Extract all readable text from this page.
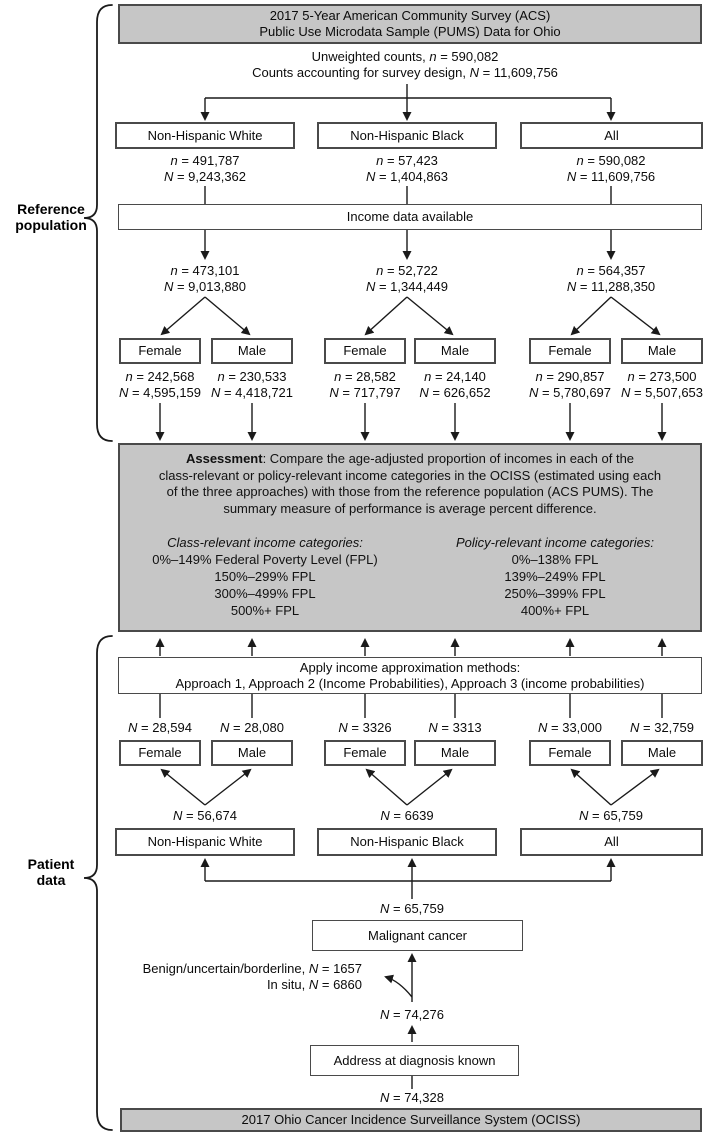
Reference
population
Patient
data
2017 5-Year American Community Survey (ACS)
Public Use Microdata Sample (PUMS) Data for Ohio
Unweighted counts, n = 590,082
Counts accounting for survey design, N = 11,609,756
Non-Hispanic White	Non-Hispanic Black	All
n = 491,787
N = 9,243,362
n = 57,423
N = 1,404,863
n = 590,082
N = 11,609,756
Income data available
n = 473,101
N = 9,013,880
n = 52,722
N = 1,344,449
n = 564,357
N = 11,288,350
Female	Male	Female	Male	Female	Male
n = 242,568
N = 4,595,159
n = 230,533
N = 4,418,721
n = 28,582
N = 717,797
n = 24,140
N = 626,652
n = 290,857
N = 5,780,697
n = 273,500
N = 5,507,653
Assessment: Compare the age-adjusted proportion of incomes in each of the
class-relevant or policy-relevant income categories in the OCISS (estimated using each
of the three approaches) with those from the reference population (ACS PUMS). The
summary measure of performance is average percent difference.
Class-relevant income categories:
0%–149% Federal Poverty Level (FPL)
150%–299% FPL
300%–499% FPL
500%+ FPL
Policy-relevant income categories:
0%–138% FPL
139%–249% FPL
250%–399% FPL
400%+ FPL
Apply income approximation methods:
Approach 1, Approach 2 (Income Probabilities), Approach 3 (income probabilities)
N = 28,594	N = 28,080	N = 3326	N = 3313	N = 33,000	N = 32,759
Female	Male	Female	Male	Female	Male
N = 56,674	N = 6639	N = 65,759
Non-Hispanic White	Non-Hispanic Black	All
N = 65,759
Malignant cancer
Benign/uncertain/borderline, N = 1657
In situ, N = 6860
N = 74,276
Address at diagnosis known
N = 74,328
2017 Ohio Cancer Incidence Surveillance System (OCISS)
